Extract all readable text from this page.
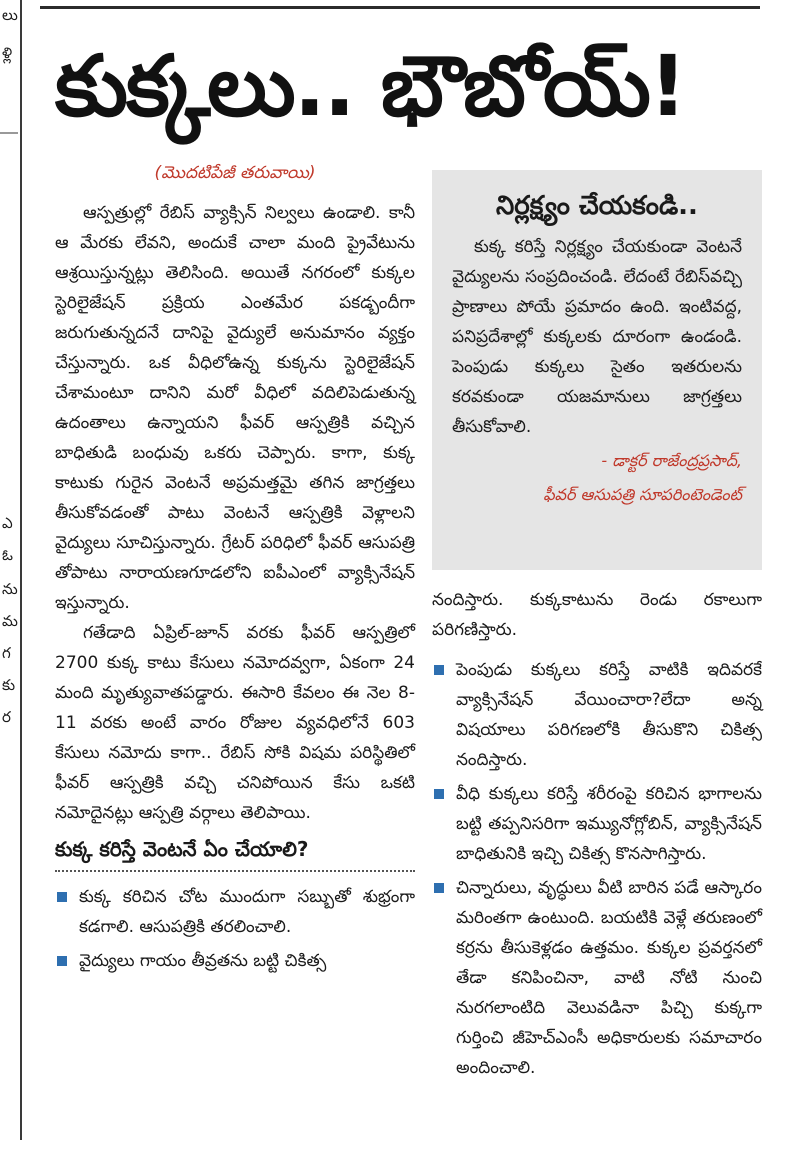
లు
ళ్లి
ఎ
ఓ
ను
మ
గ
కు
ర
కుక్కలు.. భౌబోయ్!
(మొదటిపేజీ తరువాయి)

ఆస్పత్రుల్లో రేబిస్ వ్యాక్సిన్ నిల్వలు ఉండాలి. కానీ ఆ మేరకు లేవని, అందుకే చాలా మంది ప్రైవేటును ఆశ్రయిస్తున్నట్లు తెలిసింది. అయితే నగరంలో కుక్కల స్టెరిలైజేషన్ ప్రక్రియ ఎంతమేర పకడ్బందీగా జరుగుతున్నదనే దానిపై వైద్యులే అనుమానం వ్యక్తం చేస్తున్నారు. ఒక వీధిలోఉన్న కుక్కను స్టెరిలైజేషన్ చేశామంటూ దానిని మరో వీధిలో వదిలిపెడుతున్న ఉదంతాలు ఉన్నాయని ఫీవర్ ఆస్పత్రికి వచ్చిన బాధితుడి బంధువు ఒకరు చెప్పారు. కాగా, కుక్క కాటుకు గురైన వెంటనే అప్రమత్తమై తగిన జాగ్రత్తలు తీసుకోవడంతో పాటు వెంటనే ఆస్పత్రికి వెళ్లాలని వైద్యులు సూచిస్తున్నారు. గ్రేటర్ పరిధిలో ఫీవర్ ఆసుపత్రి తోపాటు నారాయణగూడలోని ఐపీఎంలో వ్యాక్సినేషన్ ఇస్తున్నారు.

గతేడాది ఏప్రిల్-జూన్ వరకు ఫీవర్ ఆస్పత్రిలో 2700 కుక్క కాటు కేసులు నమోదవ్వగా, ఏకంగా 24 మంది మృత్యువాతపడ్డారు. ఈసారి కేవలం ఈ నెల 8-11 వరకు అంటే వారం రోజుల వ్యవధిలోనే 603 కేసులు నమోదు కాగా.. రేబిస్ సోకి విషమ పరిస్థితిలో ఫీవర్ ఆస్పత్రికి వచ్చి చనిపోయిన కేసు ఒకటి నమోదైనట్లు ఆస్పత్రి వర్గాలు తెలిపాయి.

కుక్క కరిస్తే వెంటనే ఏం చేయాలి?
కుక్క కరిచిన చోట ముందుగా సబ్బుతో శుభ్రంగా కడగాలి. ఆసుపత్రికి తరలించాలి.
వైద్యులు గాయం తీవ్రతను బట్టి చికిత్స
నిర్లక్ష్యం చేయకండి..

కుక్క కరిస్తే నిర్లక్ష్యం చేయకుండా వెంటనే వైద్యులను సంప్రదించండి. లేదంటే రేబిస్‌వచ్చి ప్రాణాలు పోయే ప్రమాదం ఉంది. ఇంటివద్ద, పనిప్రదేశాల్లో కుక్కలకు దూరంగా ఉండండి. పెంపుడు కుక్కలు సైతం ఇతరులను కరవకుండా యజమానులు జాగ్రత్తలు తీసుకోవాలి.

- డాక్టర్ రాజేంద్రప్రసాద్,
ఫీవర్ ఆసుపత్రి సూపరింటెండెంట్

నందిస్తారు. కుక్కకాటును రెండు రకాలుగా పరిగణిస్తారు.

పెంపుడు కుక్కలు కరిస్తే వాటికి ఇదివరకే వ్యాక్సినేషన్ వేయించారా?లేదా అన్న విషయాలు పరిగణలోకి తీసుకొని చికిత్స నందిస్తారు.
వీధి కుక్కలు కరిస్తే శరీరంపై కరిచిన భాగాలను బట్టి తప్పనిసరిగా ఇమ్యునోగ్లోబిన్, వ్యాక్సినేషన్ బాధితునికి ఇచ్చి చికిత్స కొనసాగిస్తారు.
చిన్నారులు, వృద్ధులు వీటి బారిన పడే ఆస్కారం మరింతగా ఉంటుంది. బయటికి వెళ్లే తరుణంలో కర్రను తీసుకెళ్లడం ఉత్తమం. కుక్కల ప్రవర్తనలో తేడా కనిపించినా, వాటి నోటి నుంచి నురగలాంటిది వెలువడినా పిచ్చి కుక్కగా గుర్తించి జీహెచ్ఎంసీ అధికారులకు సమాచారం అందించాలి.
